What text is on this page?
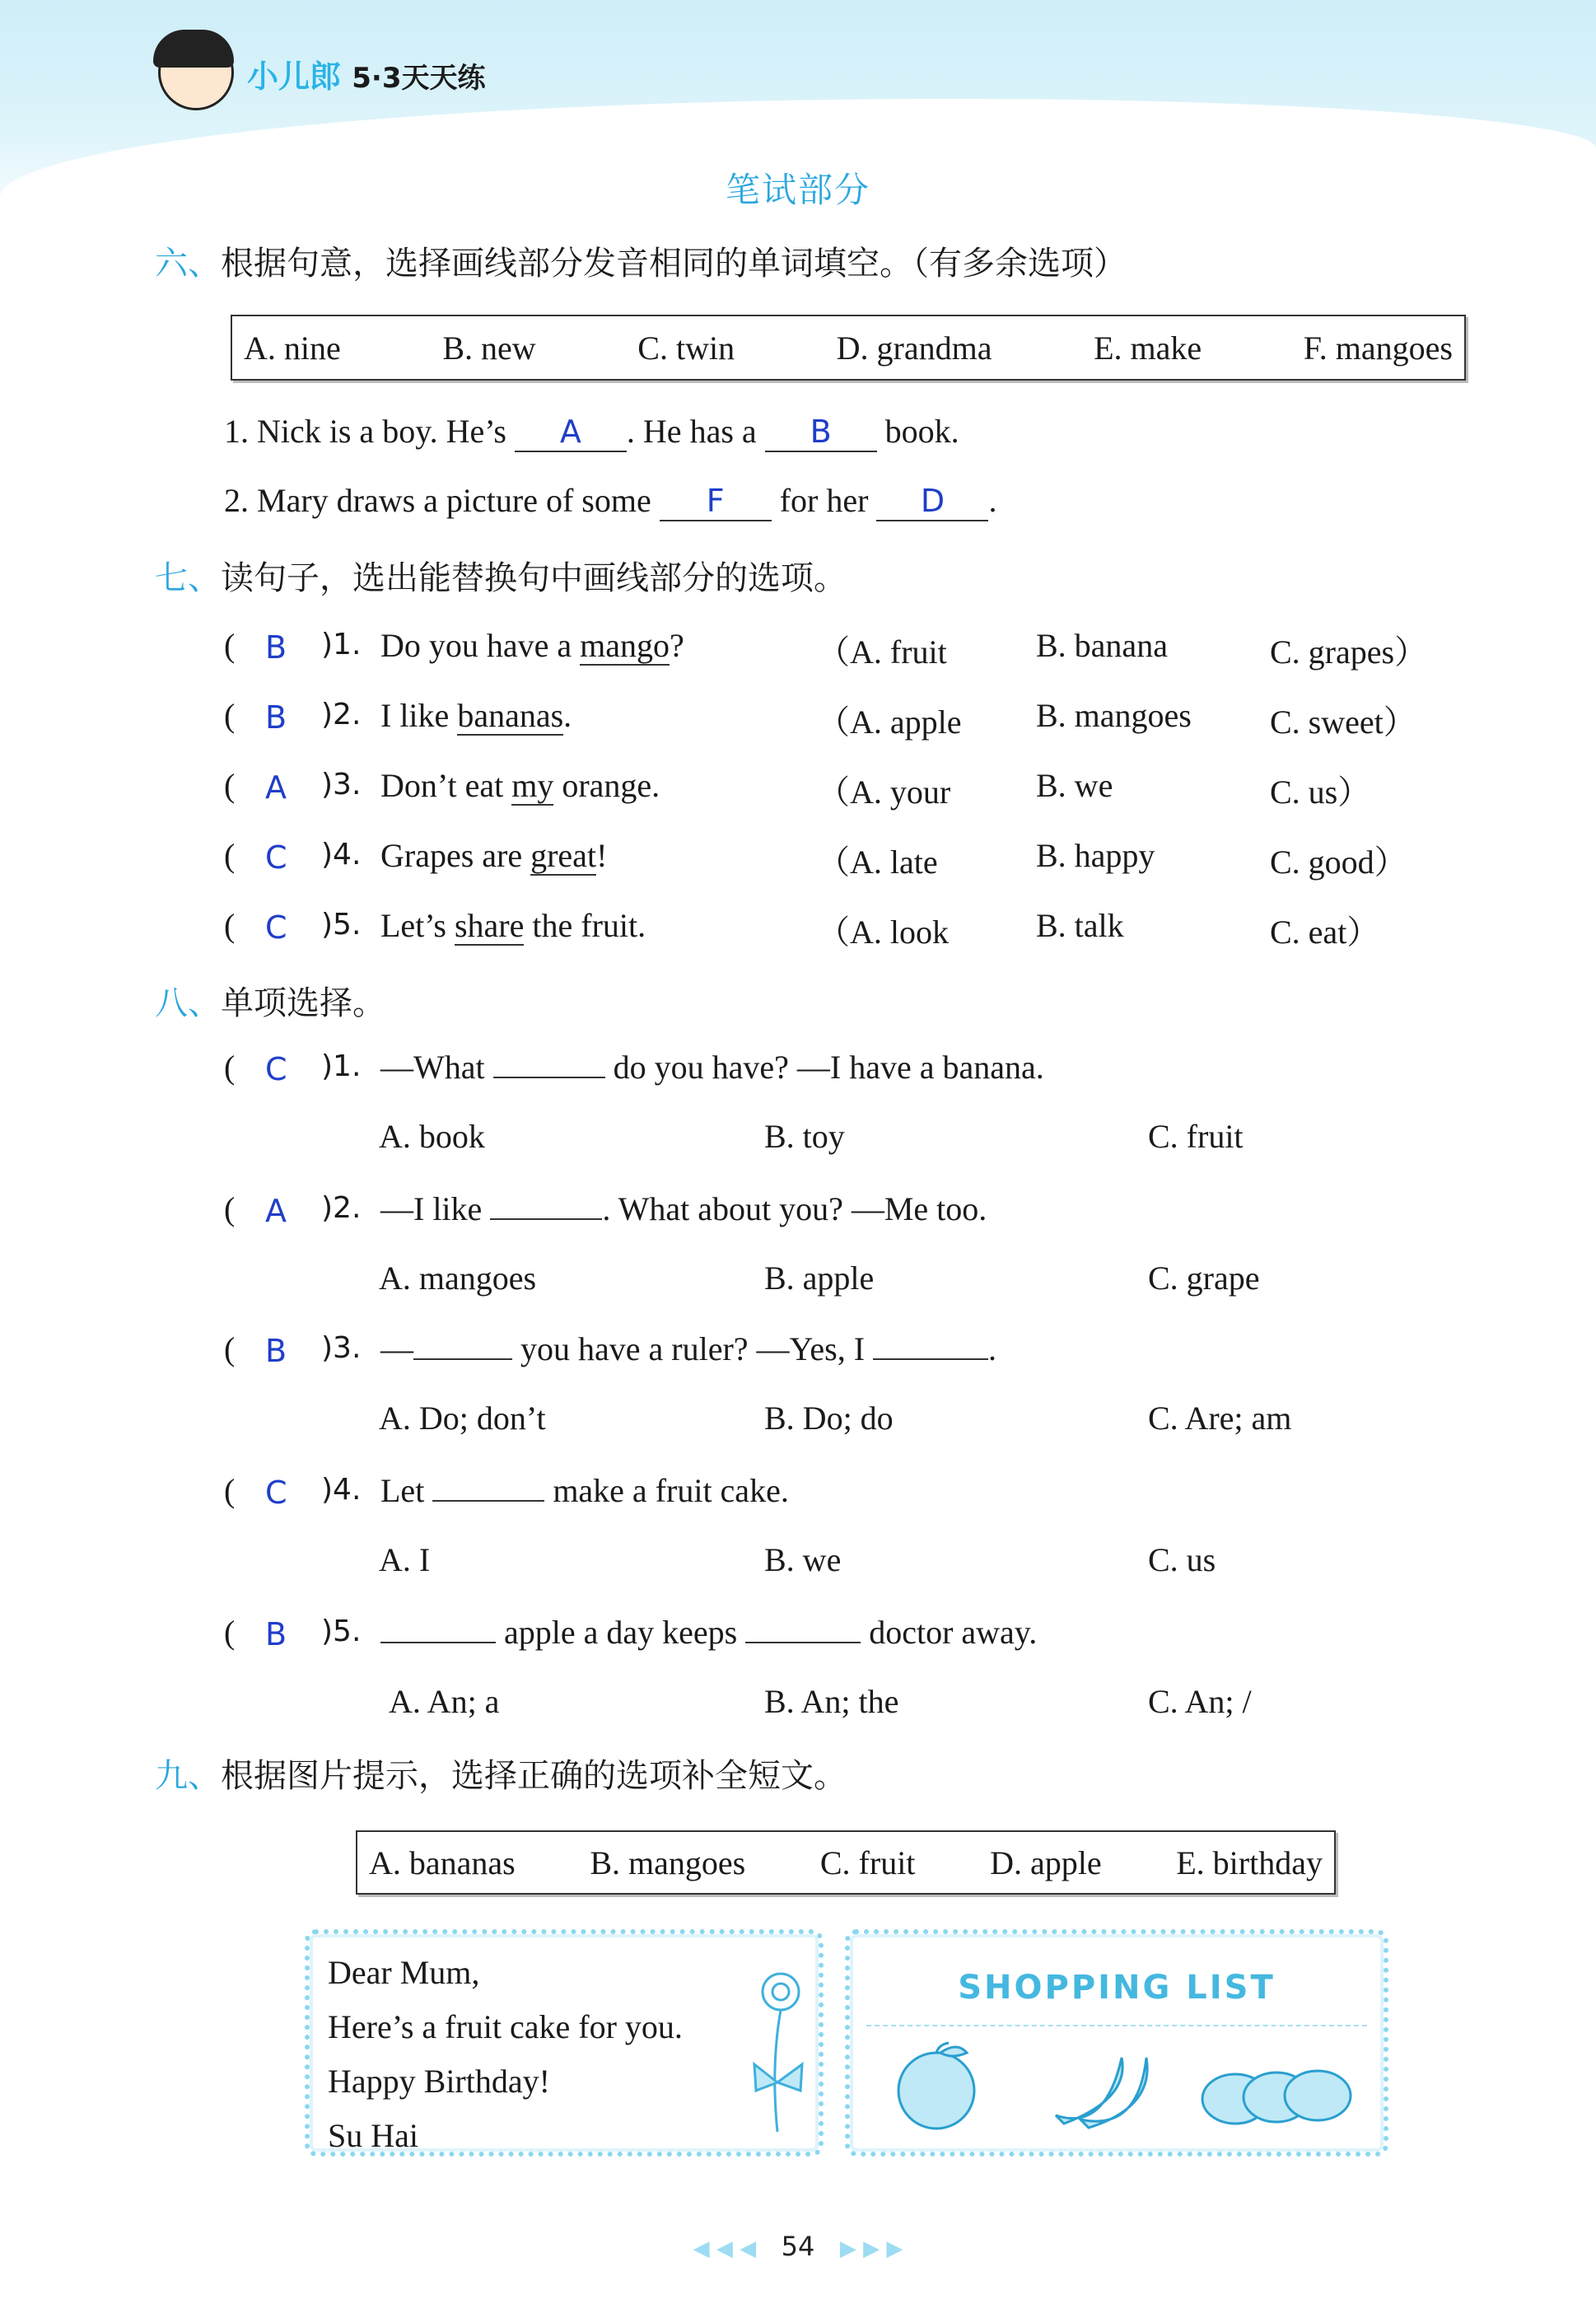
小儿郎 5·3天天练
笔试部分
六、根据句意，选择画线部分发音相同的单词填空。（有多余选项）
A. nine	B. new	C. twin	D. grandma	E. make	F. mangoes
1. Nick is a boy. He’s A . He has a B book.
2. Mary draws a picture of some F for her D .
七、读句子，选出能替换句中画线部分的选项。
( B )1. Do you have a mango?	（A. fruit	B. banana	C. grapes）
( B )2. I like bananas.	（A. apple B. mangoes C. sweet）
( A )3. Don’t eat my orange.	（A. your	B. we	C. us）
( C )4. Grapes are great!	（A. late	B. happy	C. good）
( C )5. Let’s share the fruit.	（A. look	B. talk	C. eat）
八、单项选择。
( C )1. —What	do you have? —I have a banana.
A. book	B. toy	C. fruit
( A )2. —I like	. What about you? —Me too.
A. mangoes	B. apple	C. grape
( B )3. —	you have a ruler? —Yes, I	.
A. Do; don’t	B. Do; do	C. Are; am
( C )4. Let	make a fruit cake.
A. I	B. we	C. us
( B )5.	apple a day keeps	doctor away.
A. An; a	B. An; the	C. An; /
九、根据图片提示，选择正确的选项补全短文。
A. bananas B. mangoes C. fruit D. apple E. birthday
Dear Mum,
Here’s a fruit cake for you.
Happy Birthday!
Su Hai
SHOPPING LIST
◀ ◀ ◀ 54 ▶ ▶ ▶
